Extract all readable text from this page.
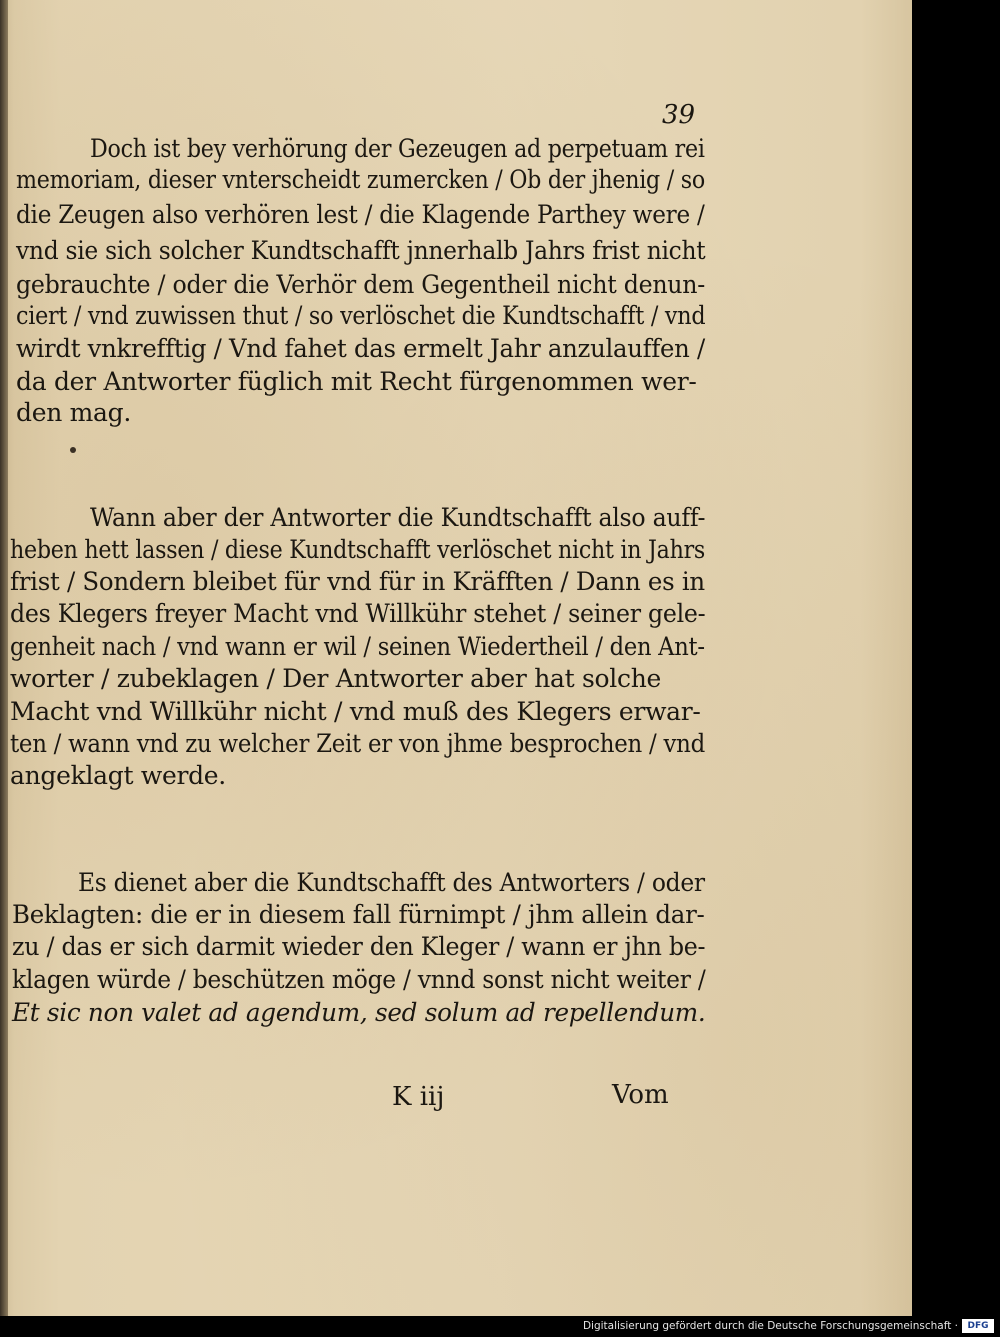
39
Doch ist bey verhörung der Gezeugen ad perpetuam rei
memoriam, dieser vnterscheidt zumercken / Ob der jhenig / so
die Zeugen also verhören lest / die Klagende Parthey were /
vnd sie sich solcher Kundtschafft jnnerhalb Jahrs frist nicht
gebrauchte / oder die Verhör dem Gegentheil nicht denun-
ciert / vnd zuwissen thut / so verlöschet die Kundtschafft / vnd
wirdt vnkrefftig / Vnd fahet das ermelt Jahr anzulauffen /
da der Antworter füglich mit Recht fürgenommen wer-
den mag.
Wann aber der Antworter die Kundtschafft also auff-
heben hett lassen / diese Kundtschafft verlöschet nicht in Jahrs
frist / Sondern bleibet für vnd für in Kräfften / Dann es in
des Klegers freyer Macht vnd Willkühr stehet / seiner gele-
genheit nach / vnd wann er wil / seinen Wiedertheil / den Ant-
worter / zubeklagen / Der Antworter aber hat solche
Macht vnd Willkühr nicht / vnd muß des Klegers erwar-
ten / wann vnd zu welcher Zeit er von jhme besprochen / vnd
angeklagt werde.
Es dienet aber die Kundtschafft des Antworters / oder
Beklagten: die er in diesem fall fürnimpt / jhm allein dar-
zu / das er sich darmit wieder den Kleger / wann er jhn be-
klagen würde / beschützen möge / vnnd sonst nicht weiter /
Et sic non valet ad agendum, sed solum ad repellendum.
K iij	Vom
Digitalisierung gefördert durch die Deutsche Forschungsgemeinschaft ·	DFG
